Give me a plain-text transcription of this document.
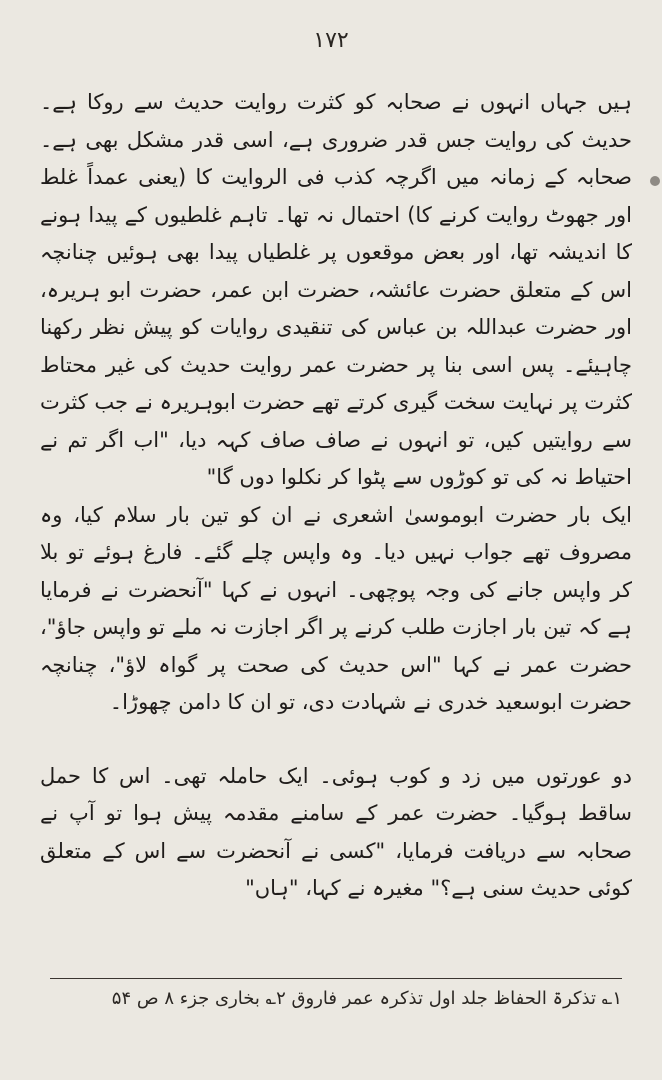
۱۷۲

ہیں جہاں انہوں نے صحابہ کو کثرت روایت حدیث سے روکا ہے۔ حدیث کی روایت جس قدر ضروری ہے، اسی قدر مشکل بھی ہے۔ صحابہ کے زمانہ میں اگرچہ کذب فی الروایت کا (یعنی عمداً غلط اور جھوٹ روایت کرنے کا) احتمال نہ تھا۔ تاہم غلطیوں کے پیدا ہونے کا اندیشہ تھا، اور بعض موقعوں پر غلطیاں پیدا بھی ہوئیں چنانچہ اس کے متعلق حضرت عائشہ، حضرت ابن عمر، حضرت ابو ہریرہ، اور حضرت عبداللہ بن عباس کی تنقیدی روایات کو پیش نظر رکھنا چاہیئے۔ پس اسی بنا پر حضرت عمر روایت حدیث کی غیر محتاط کثرت پر نہایت سخت گیری کرتے تھے حضرت ابوہریرہ نے جب کثرت سے روایتیں کیں، تو انہوں نے صاف صاف کہہ دیا، "اب اگر تم نے احتیاط نہ کی تو کوڑوں سے پٹوا کر نکلوا دوں گا"

ایک بار حضرت ابوموسیٰ اشعری نے ان کو تین بار سلام کیا، وہ مصروف تھے جواب نہیں دیا۔ وہ واپس چلے گئے۔ فارغ ہوئے تو بلا کر واپس جانے کی وجہ پوچھی۔ انہوں نے کہا "آنحضرت نے فرمایا ہے کہ تین بار اجازت طلب کرنے پر اگر اجازت نہ ملے تو واپس جاؤ"، حضرت عمر نے کہا "اس حدیث کی صحت پر گواہ لاؤ"، چنانچہ حضرت ابوسعید خدری نے شہادت دی، تو ان کا دامن چھوڑا۔

دو عورتوں میں زد و کوب ہوئی۔ ایک حاملہ تھی۔ اس کا حمل ساقط ہوگیا۔ حضرت عمر کے سامنے مقدمہ پیش ہوا تو آپ نے صحابہ سے دریافت فرمایا، "کسی نے آنحضرت سے اس کے متعلق کوئی حدیث سنی ہے؟" مغیرہ نے کہا، "ہاں"

۱؎ تذکرۃ الحفاظ جلد اول تذکرہ عمر فاروق ۲؎ بخاری جزء ۸ ص ۵۴
